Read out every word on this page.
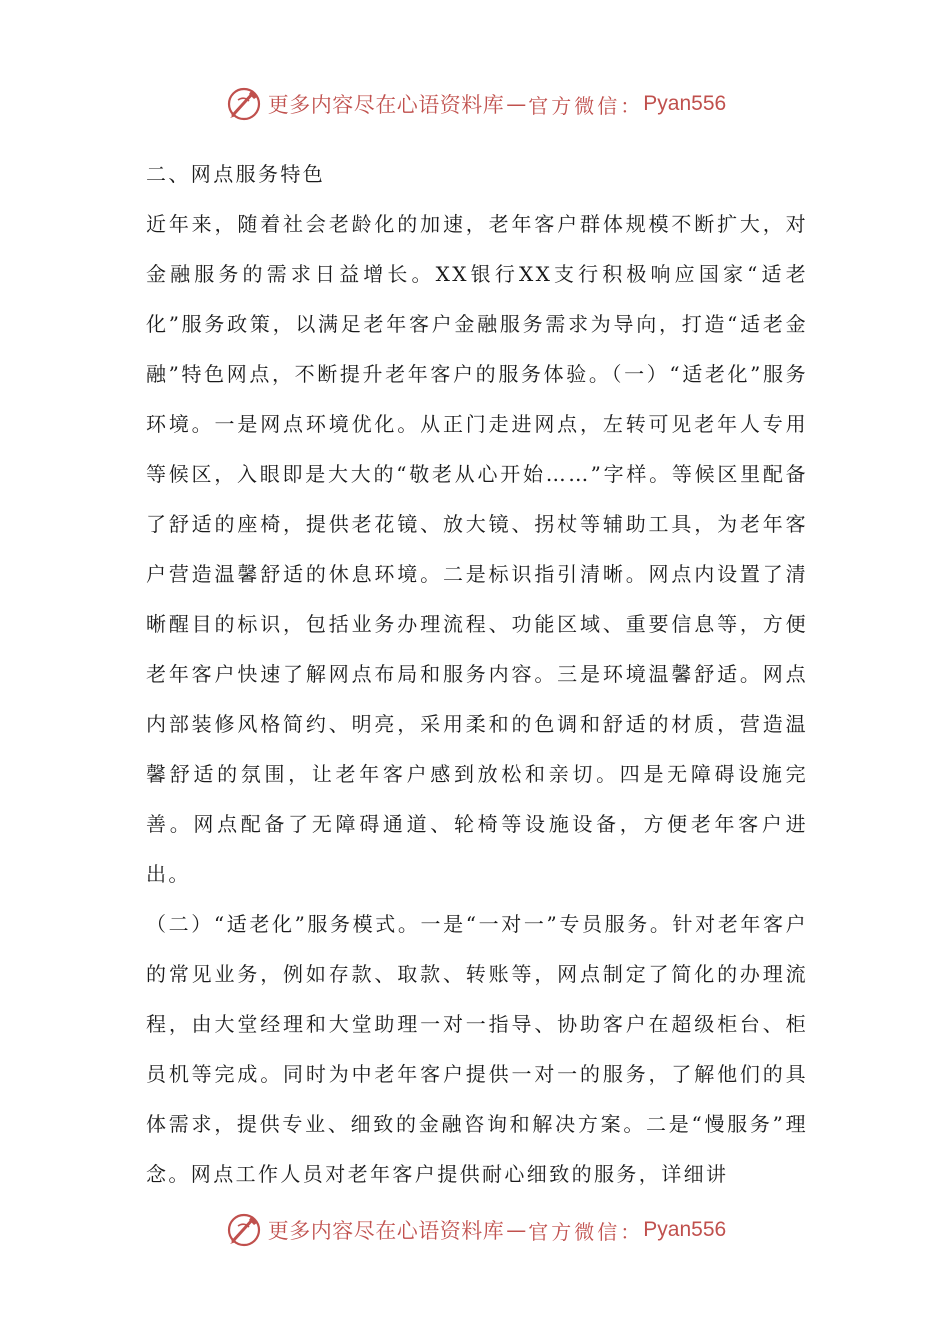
更多内容尽在心语资料库 — 官方微信： Pyan556

二、网点服务特色

近年来，随着社会老龄化的加速，老年客户群体规模不断扩大，对金融服务的需求日益增长。XX银行XX支行积极响应国家“适老化”服务政策，以满足老年客户金融服务需求为导向，打造“适老金融”特色网点，不断提升老年客户的服务体验。（一）“适老化”服务环境。一是网点环境优化。从正门走进网点，左转可见老年人专用等候区，入眼即是大大的“敬老从心开始……”字样。等候区里配备了舒适的座椅，提供老花镜、放大镜、拐杖等辅助工具，为老年客户营造温馨舒适的休息环境。二是标识指引清晰。网点内设置了清晰醒目的标识，包括业务办理流程、功能区域、重要信息等，方便老年客户快速了解网点布局和服务内容。三是环境温馨舒适。网点内部装修风格简约、明亮，采用柔和的色调和舒适的材质，营造温馨舒适的氛围，让老年客户感到放松和亲切。四是无障碍设施完善。网点配备了无障碍通道、轮椅等设施设备，方便老年客户进出。

（二）“适老化”服务模式。一是“一对一”专员服务。针对老年客户的常见业务，例如存款、取款、转账等，网点制定了简化的办理流程，由大堂经理和大堂助理一对一指导、协助客户在超级柜台、柜员机等完成。同时为中老年客户提供一对一的服务，了解他们的具体需求，提供专业、细致的金融咨询和解决方案。二是“慢服务”理念。网点工作人员对老年客户提供耐心细致的服务，详细讲

更多内容尽在心语资料库 — 官方微信： Pyan556
